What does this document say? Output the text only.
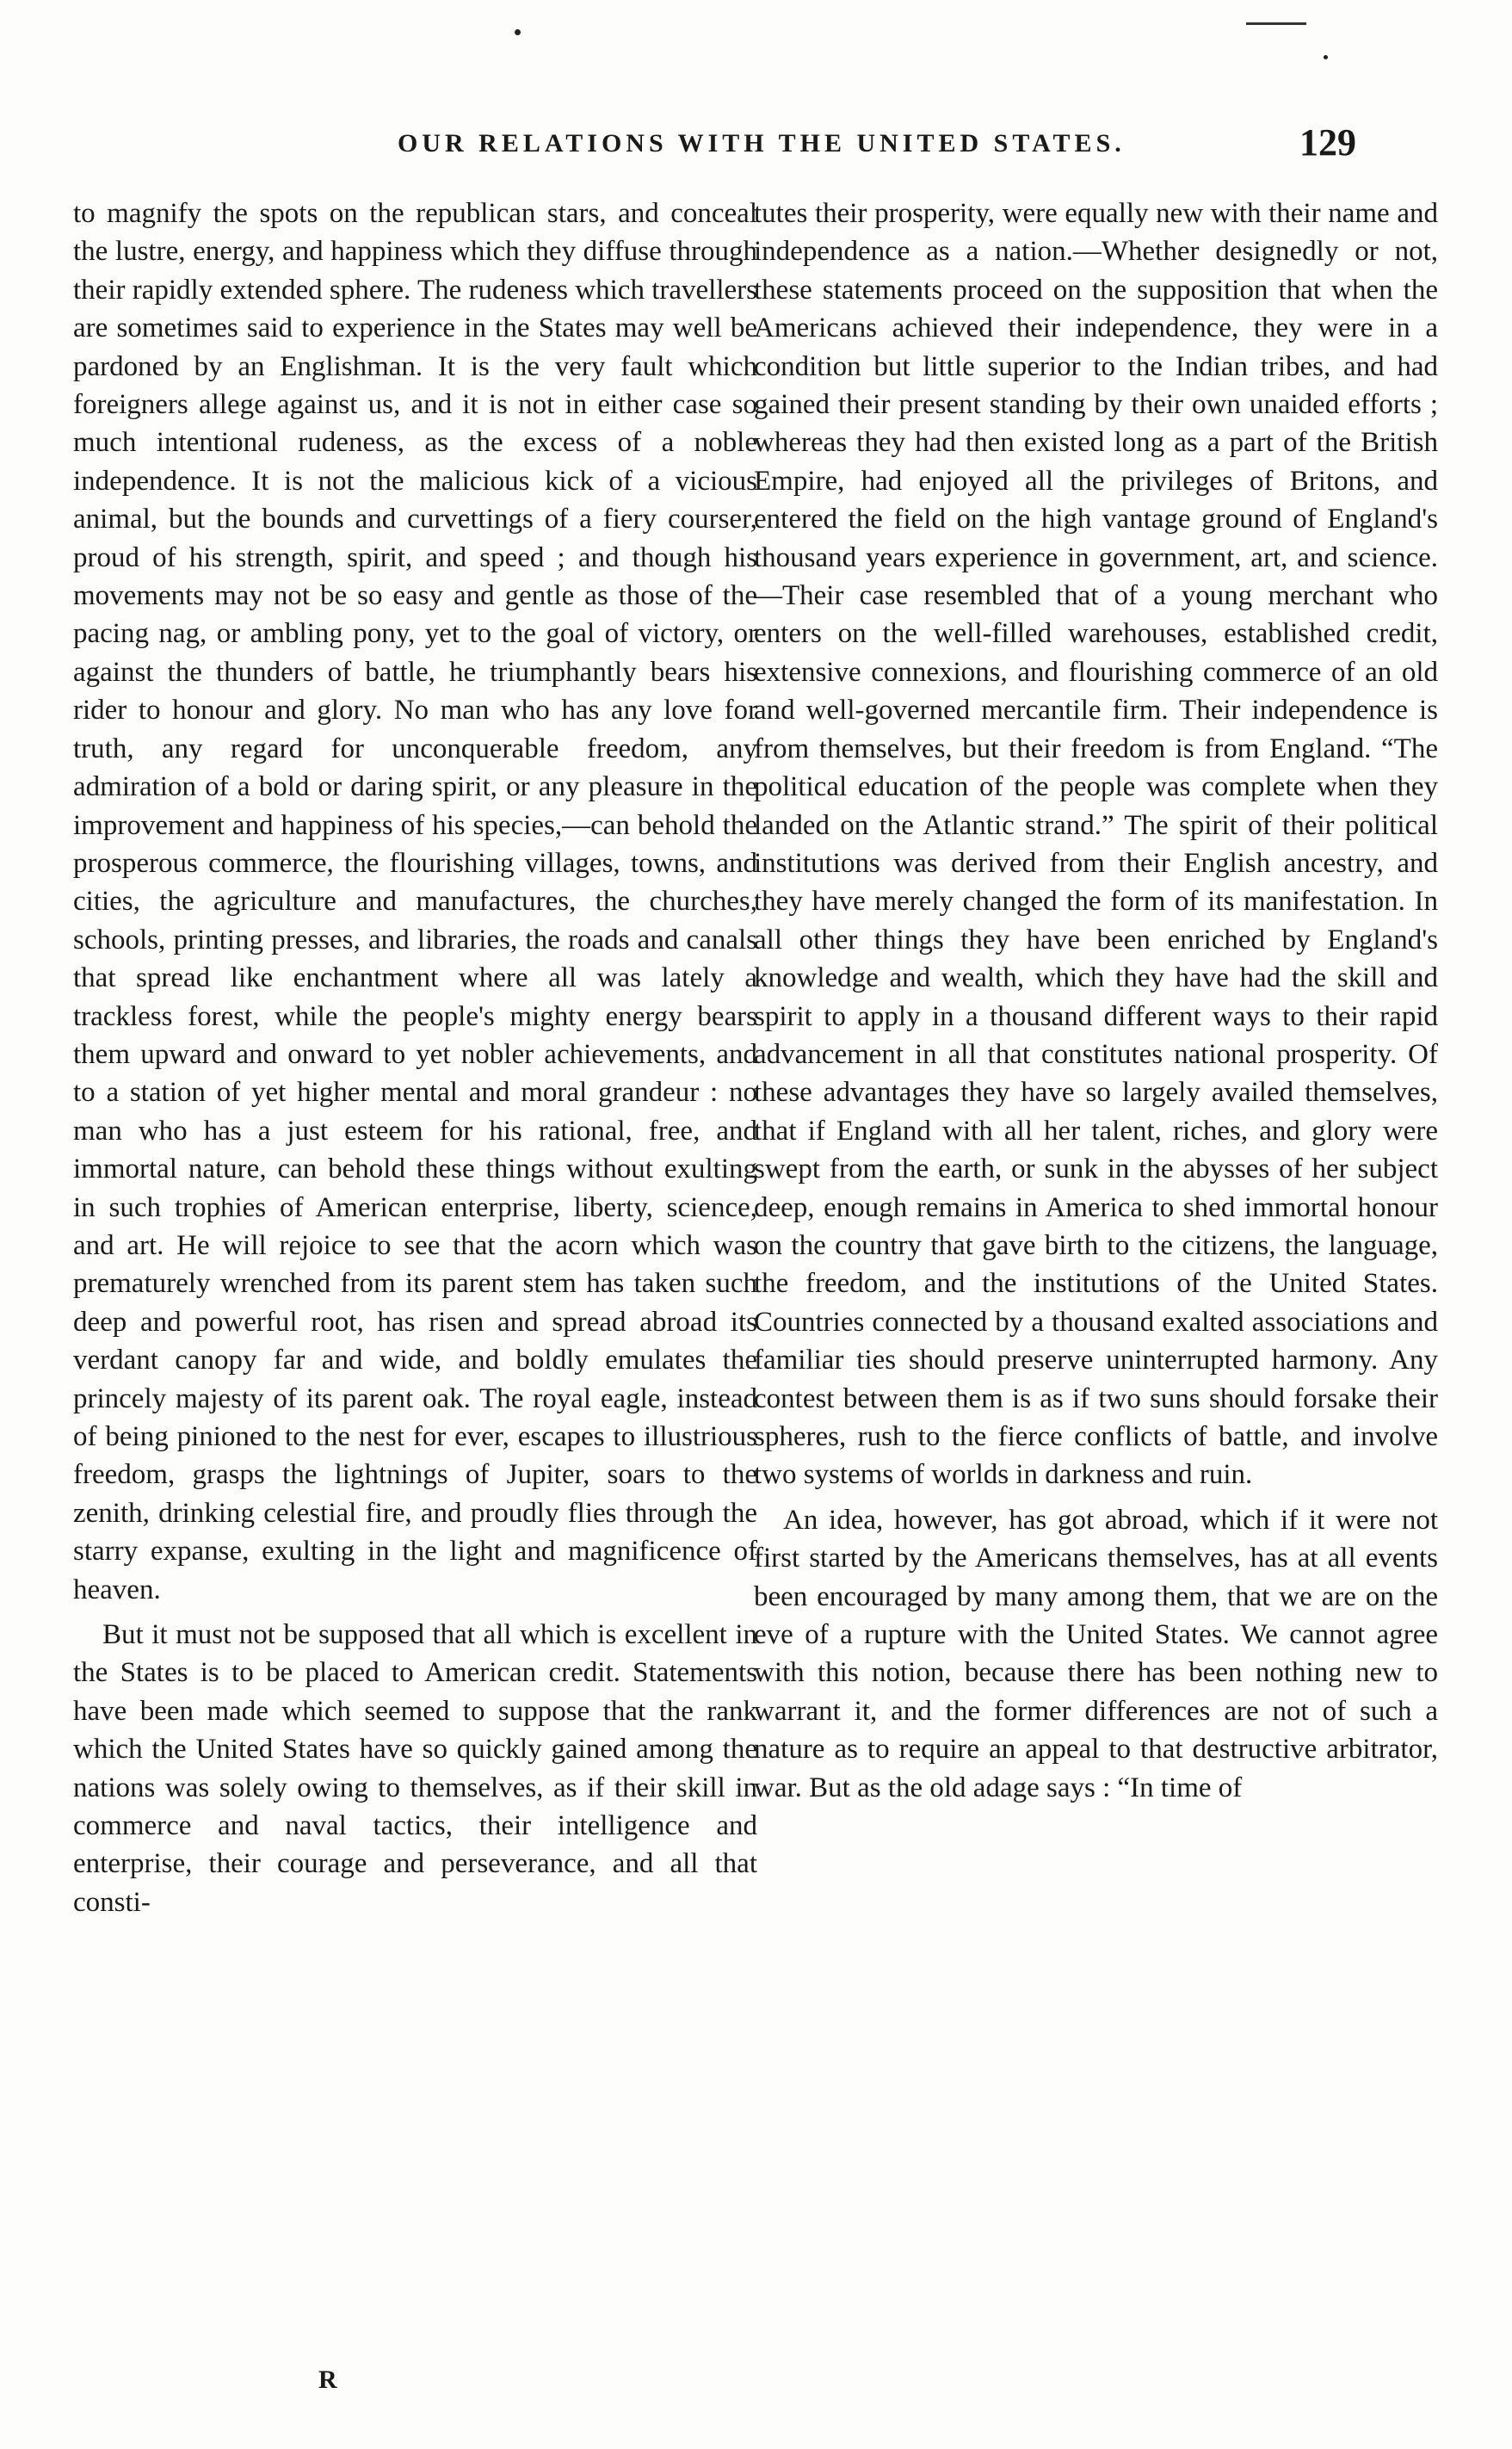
OUR RELATIONS WITH THE UNITED STATES.	129

to magnify the spots on the republican stars, and conceal the lustre, energy, and happiness which they diffuse through their rapidly extended sphere. The rudeness which travellers are sometimes said to experience in the States may well be pardoned by an Englishman. It is the very fault which foreigners allege against us, and it is not in either case so much intentional rudeness, as the excess of a noble independence. It is not the malicious kick of a vicious animal, but the bounds and curvettings of a fiery courser, proud of his strength, spirit, and speed ; and though his movements may not be so easy and gentle as those of the pacing nag, or ambling pony, yet to the goal of victory, or against the thunders of battle, he triumphantly bears his rider to honour and glory. No man who has any love for truth, any regard for unconquerable freedom, any admiration of a bold or daring spirit, or any pleasure in the improvement and happiness of his species,—can behold the prosperous commerce, the flourishing villages, towns, and cities, the agriculture and manufactures, the churches, schools, printing presses, and libraries, the roads and canals that spread like enchantment where all was lately a trackless forest, while the people's mighty energy bears them upward and onward to yet nobler achievements, and to a station of yet higher mental and moral grandeur : no man who has a just esteem for his rational, free, and immortal nature, can behold these things without exulting in such trophies of American enterprise, liberty, science, and art. He will rejoice to see that the acorn which was prematurely wrenched from its parent stem has taken such deep and powerful root, has risen and spread abroad its verdant canopy far and wide, and boldly emulates the princely majesty of its parent oak. The royal eagle, instead of being pinioned to the nest for ever, escapes to illustrious freedom, grasps the lightnings of Jupiter, soars to the zenith, drinking celestial fire, and proudly flies through the starry expanse, exulting in the light and magnificence of heaven.

But it must not be supposed that all which is excellent in the States is to be placed to American credit. Statements have been made which seemed to suppose that the rank which the United States have so quickly gained among the nations was solely owing to themselves, as if their skill in commerce and naval tactics, their intelligence and enterprise, their courage and perseverance, and all that consti-

tutes their prosperity, were equally new with their name and independence as a nation.—Whether designedly or not, these statements proceed on the supposition that when the Americans achieved their independence, they were in a condition but little superior to the Indian tribes, and had gained their present standing by their own unaided efforts ; whereas they had then existed long as a part of the British Empire, had enjoyed all the privileges of Britons, and entered the field on the high vantage ground of England's thousand years experience in government, art, and science.—Their case resembled that of a young merchant who enters on the well-filled warehouses, established credit, extensive connexions, and flourishing commerce of an old and well-governed mercantile firm. Their independence is from themselves, but their freedom is from England. “The political education of the people was complete when they landed on the Atlantic strand.” The spirit of their political institutions was derived from their English ancestry, and they have merely changed the form of its manifestation. In all other things they have been enriched by England's knowledge and wealth, which they have had the skill and spirit to apply in a thousand different ways to their rapid advancement in all that constitutes national prosperity. Of these advantages they have so largely availed themselves, that if England with all her talent, riches, and glory were swept from the earth, or sunk in the abysses of her subject deep, enough remains in America to shed immortal honour on the country that gave birth to the citizens, the language, the freedom, and the institutions of the United States. Countries connected by a thousand exalted associations and familiar ties should preserve uninterrupted harmony. Any contest between them is as if two suns should forsake their spheres, rush to the fierce conflicts of battle, and involve two systems of worlds in darkness and ruin.

An idea, however, has got abroad, which if it were not first started by the Americans themselves, has at all events been encouraged by many among them, that we are on the eve of a rupture with the United States. We cannot agree with this notion, because there has been nothing new to warrant it, and the former differences are not of such a nature as to require an appeal to that destructive arbitrator, war. But as the old adage says : “In time of

R
